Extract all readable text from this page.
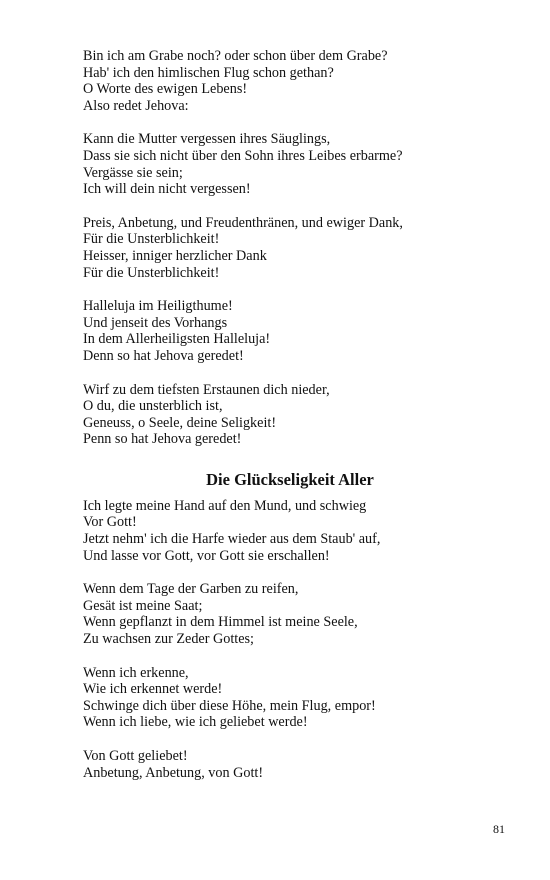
Bin ich am Grabe noch? oder schon über dem Grabe?
Hab' ich den himlischen Flug schon gethan?
O Worte des ewigen Lebens!
Also redet Jehova:
Kann die Mutter vergessen ihres Säuglings,
Dass sie sich nicht über den Sohn ihres Leibes erbarme?
Vergässe sie sein;
Ich will dein nicht vergessen!
Preis, Anbetung, und Freudenthränen, und ewiger Dank,
Für die Unsterblichkeit!
Heisser, inniger herzlicher Dank
Für die Unsterblichkeit!
Halleluja im Heiligthume!
Und jenseit des Vorhangs
In dem Allerheiligsten Halleluja!
Denn so hat Jehova geredet!
Wirf zu dem tiefsten Erstaunen dich nieder,
O du, die unsterblich ist,
Geneuss, o Seele, deine Seligkeit!
Penn so hat Jehova geredet!
Die Glückseligkeit Aller
Ich legte meine Hand auf den Mund, und schwieg
Vor Gott!
Jetzt nehm' ich die Harfe wieder aus dem Staub' auf,
Und lasse vor Gott, vor Gott sie erschallen!
Wenn dem Tage der Garben zu reifen,
Gesät ist meine Saat;
Wenn gepflanzt in dem Himmel ist meine Seele,
Zu wachsen zur Zeder Gottes;
Wenn ich erkenne,
Wie ich erkennet werde!
Schwinge dich über diese Höhe, mein Flug, empor!
Wenn ich liebe, wie ich geliebet werde!
Von Gott geliebet!
Anbetung, Anbetung, von Gott!
81
